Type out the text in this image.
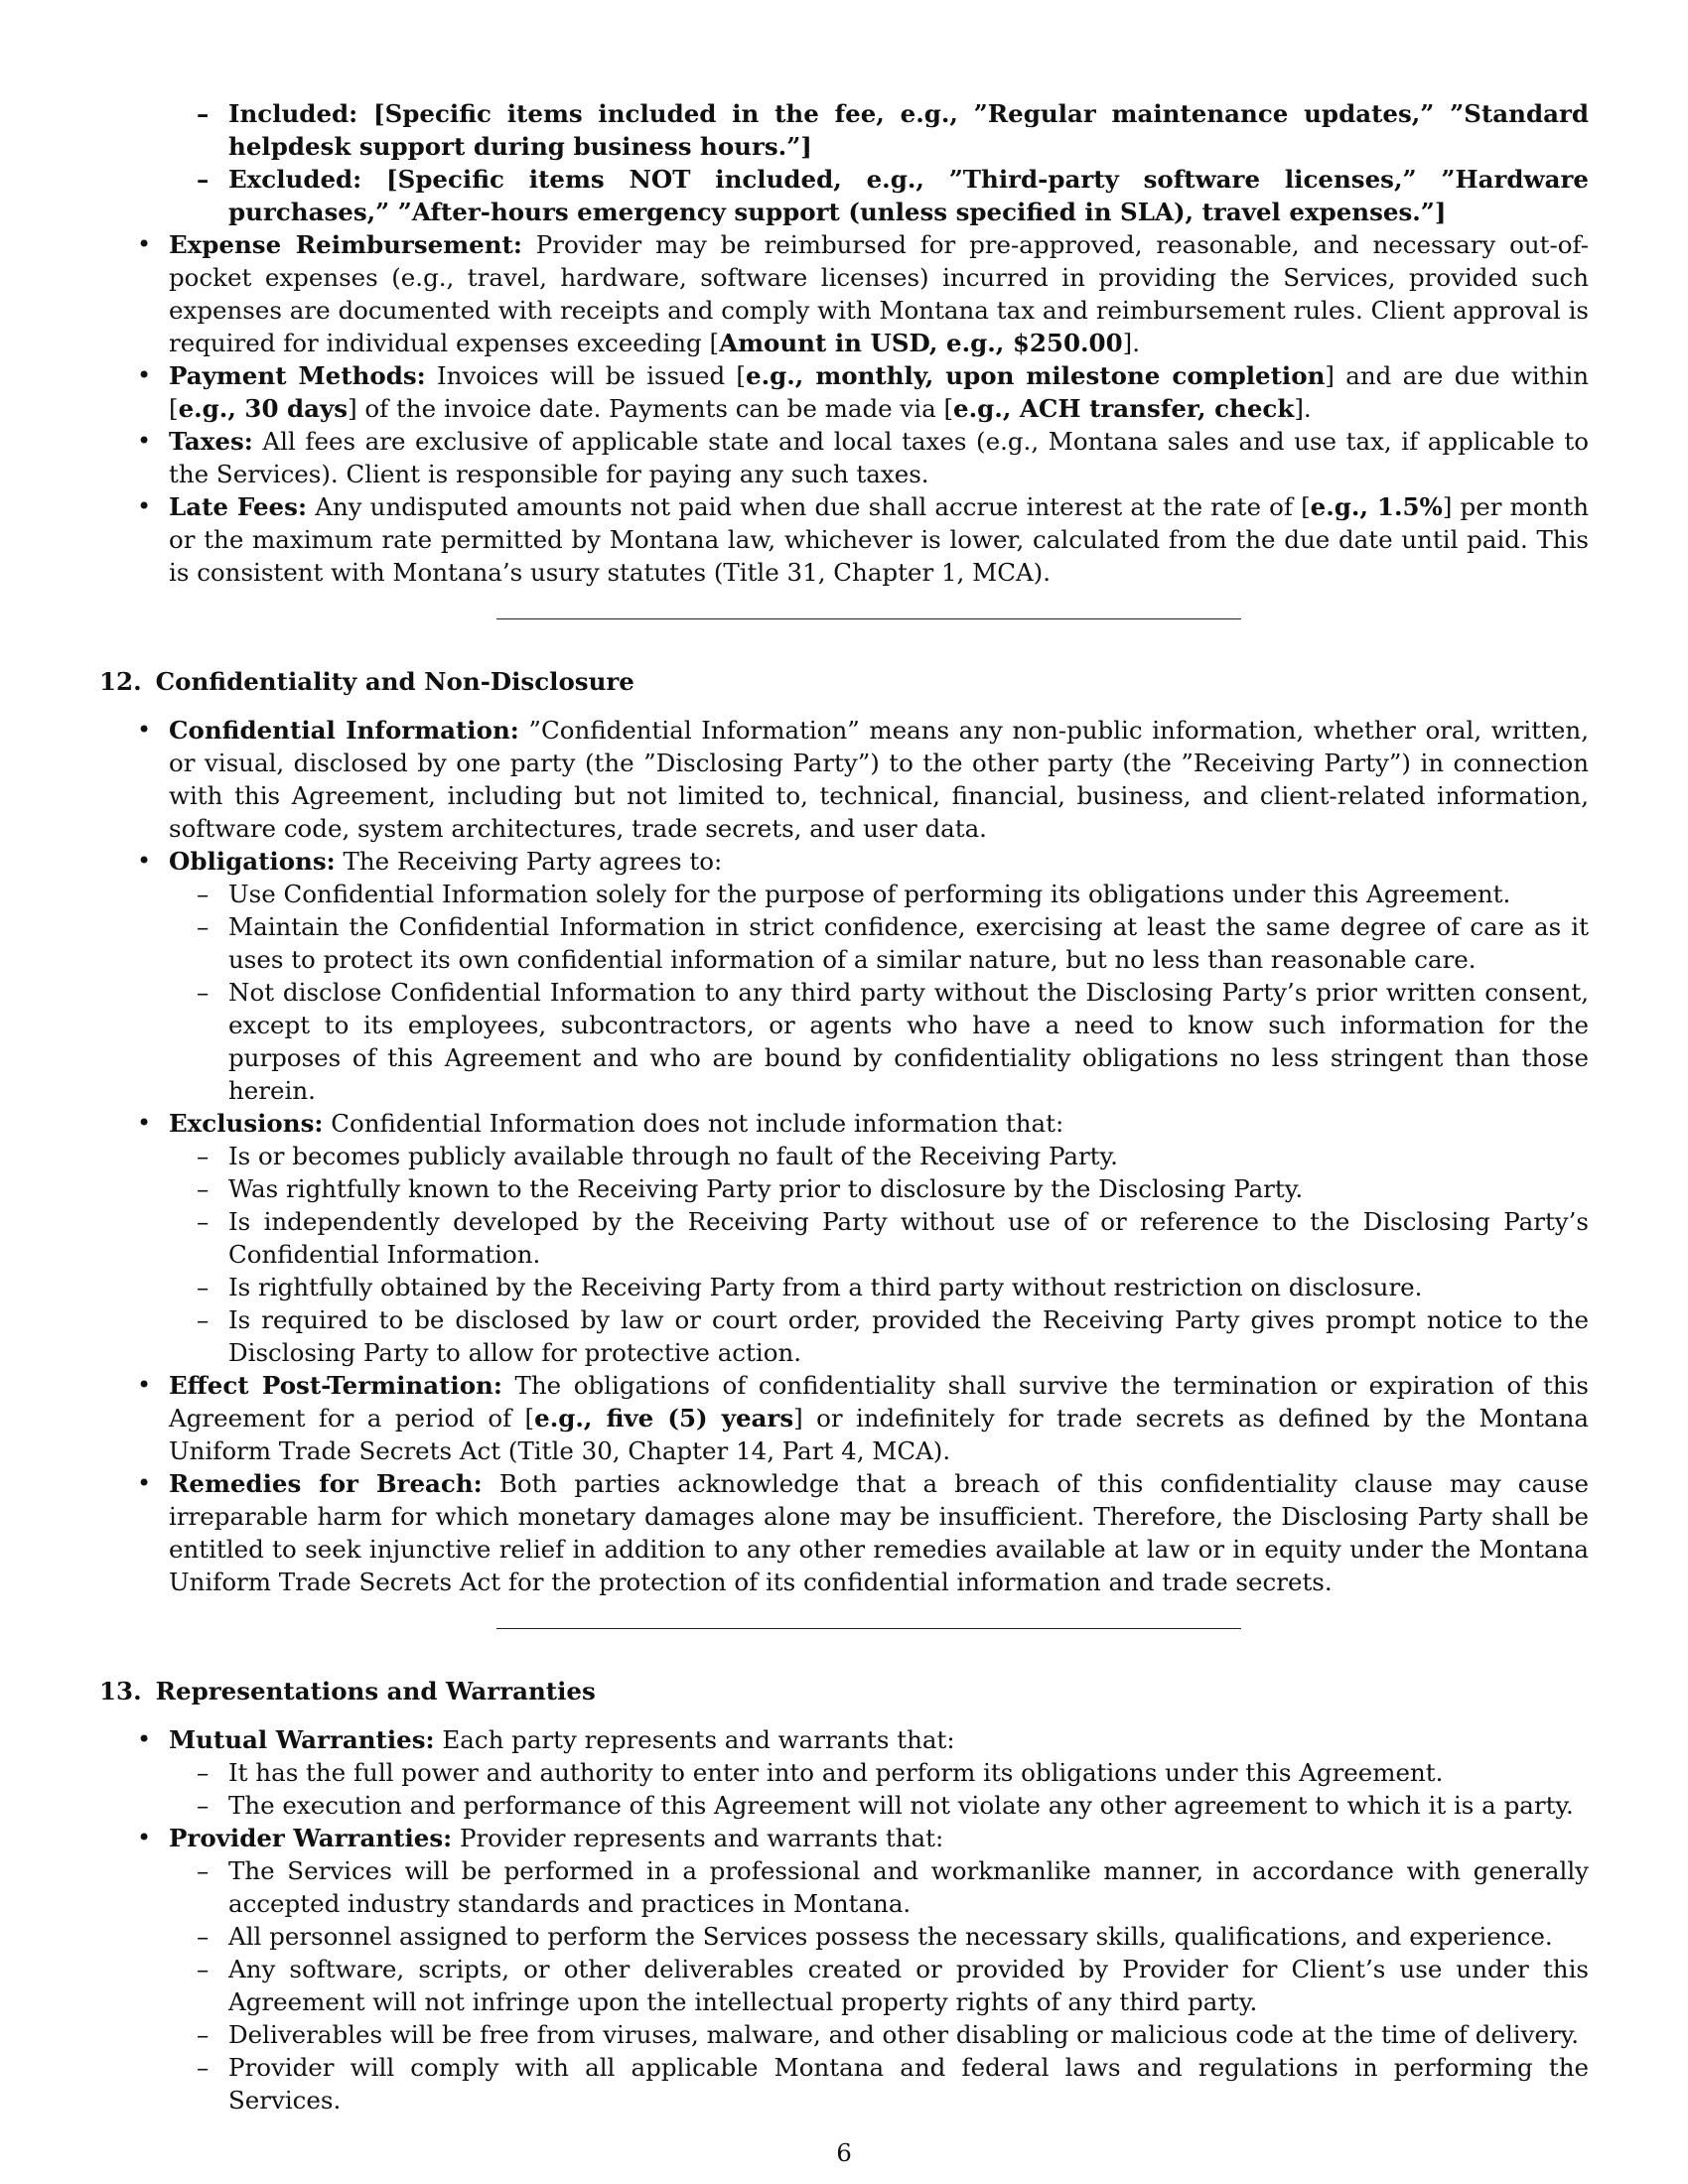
– Included: [Specific items included in the fee, e.g., ”Regular maintenance updates,” ”Standard helpdesk support during business hours.”]
– Excluded: [Specific items NOT included, e.g., ”Third-party software licenses,” ”Hardware purchases,” ”After-hours emergency support (unless specified in SLA), travel expenses.”]
• Expense Reimbursement: Provider may be reimbursed for pre-approved, reasonable, and necessary out-of-pocket expenses (e.g., travel, hardware, software licenses) incurred in providing the Services, provided such expenses are documented with receipts and comply with Montana tax and reimbursement rules. Client approval is required for individual expenses exceeding [Amount in USD, e.g., $250.00].
• Payment Methods: Invoices will be issued [e.g., monthly, upon milestone completion] and are due within [e.g., 30 days] of the invoice date. Payments can be made via [e.g., ACH transfer, check].
• Taxes: All fees are exclusive of applicable state and local taxes (e.g., Montana sales and use tax, if applicable to the Services). Client is responsible for paying any such taxes.
• Late Fees: Any undisputed amounts not paid when due shall accrue interest at the rate of [e.g., 1.5%] per month or the maximum rate permitted by Montana law, whichever is lower, calculated from the due date until paid. This is consistent with Montana’s usury statutes (Title 31, Chapter 1, MCA).
12. Confidentiality and Non-Disclosure
• Confidential Information: ”Confidential Information” means any non-public information, whether oral, written, or visual, disclosed by one party (the ”Disclosing Party”) to the other party (the ”Receiving Party”) in connection with this Agreement, including but not limited to, technical, financial, business, and client-related information, software code, system architectures, trade secrets, and user data.
• Obligations: The Receiving Party agrees to:
– Use Confidential Information solely for the purpose of performing its obligations under this Agreement.
– Maintain the Confidential Information in strict confidence, exercising at least the same degree of care as it uses to protect its own confidential information of a similar nature, but no less than reasonable care.
– Not disclose Confidential Information to any third party without the Disclosing Party’s prior written consent, except to its employees, subcontractors, or agents who have a need to know such information for the purposes of this Agreement and who are bound by confidentiality obligations no less stringent than those herein.
• Exclusions: Confidential Information does not include information that:
– Is or becomes publicly available through no fault of the Receiving Party.
– Was rightfully known to the Receiving Party prior to disclosure by the Disclosing Party.
– Is independently developed by the Receiving Party without use of or reference to the Disclosing Party’s Confidential Information.
– Is rightfully obtained by the Receiving Party from a third party without restriction on disclosure.
– Is required to be disclosed by law or court order, provided the Receiving Party gives prompt notice to the Disclosing Party to allow for protective action.
• Effect Post-Termination: The obligations of confidentiality shall survive the termination or expiration of this Agreement for a period of [e.g., five (5) years] or indefinitely for trade secrets as defined by the Montana Uniform Trade Secrets Act (Title 30, Chapter 14, Part 4, MCA).
• Remedies for Breach: Both parties acknowledge that a breach of this confidentiality clause may cause irreparable harm for which monetary damages alone may be insufficient. Therefore, the Disclosing Party shall be entitled to seek injunctive relief in addition to any other remedies available at law or in equity under the Montana Uniform Trade Secrets Act for the protection of its confidential information and trade secrets.
13. Representations and Warranties
• Mutual Warranties: Each party represents and warrants that:
– It has the full power and authority to enter into and perform its obligations under this Agreement.
– The execution and performance of this Agreement will not violate any other agreement to which it is a party.
• Provider Warranties: Provider represents and warrants that:
– The Services will be performed in a professional and workmanlike manner, in accordance with generally accepted industry standards and practices in Montana.
– All personnel assigned to perform the Services possess the necessary skills, qualifications, and experience.
– Any software, scripts, or other deliverables created or provided by Provider for Client’s use under this Agreement will not infringe upon the intellectual property rights of any third party.
– Deliverables will be free from viruses, malware, and other disabling or malicious code at the time of delivery.
– Provider will comply with all applicable Montana and federal laws and regulations in performing the Services.
6
